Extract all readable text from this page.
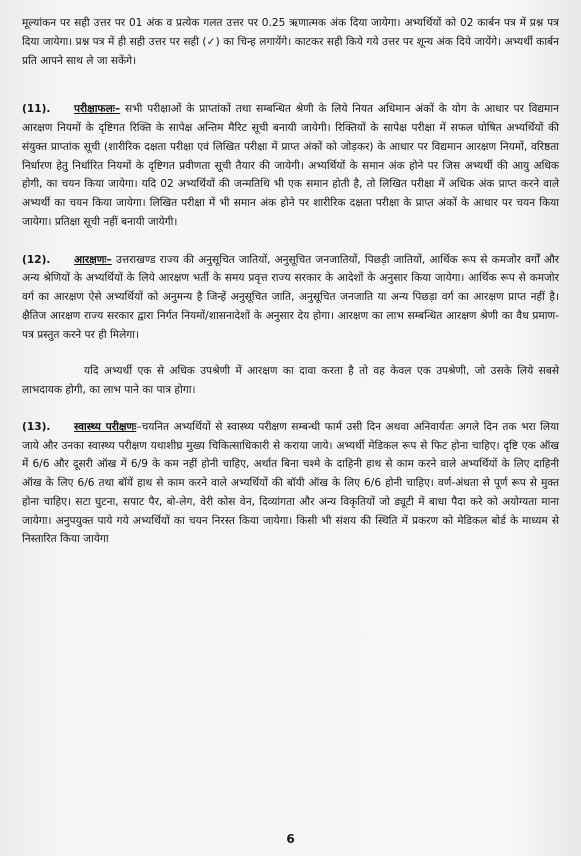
मूल्यांकन पर सही उत्तर पर 01 अंक व प्रत्येक गलत उत्तर पर 0.25 ऋणात्मक अंक दिया जायेगा। अभ्यर्थियों को 02 कार्बन पत्र में प्रश्न पत्र दिया जायेगा। प्रश्न पत्र में ही सही उत्तर पर सही (✓) का चिन्ह लगायेंगे। काटकर सही किये गये उत्तर पर शून्य अंक दिये जायेंगे। अभ्यर्थी कार्बन प्रति आपने साथ ले जा सकेंगे।

(11). परीक्षाफलः– सभी परीक्षाओं के प्राप्तांकों तथा सम्बन्धित श्रेणी के लिये नियत अधिमान अंकों के योग के आधार पर विद्यमान आरक्षण नियमों के दृष्टिगत रिक्ति के सापेक्ष अन्तिम मैरिट सूची बनायी जायेगी। रिक्तियों के सापेक्ष परीक्षा में सफल घोषित अभ्यर्थियों की संयुक्त प्राप्तांक सूची (शारीरिक दक्षता परीक्षा एवं लिखित परीक्षा में प्राप्त अंकों को जोड़कर) के आधार पर विद्यमान आरक्षण नियमों, वरिष्ठता निर्धारण हेतु निर्धारित नियमों के दृष्टिगत प्रवीणता सूची तैयार की जायेगी। अभ्यर्थियों के समान अंक होने पर जिस अभ्यर्थी की आयु अधिक होगी, का चयन किया जायेगा। यदि 02 अभ्यर्थियों की जन्मतिथि भी एक समान होती है, तो लिखित परीक्षा में अधिक अंक प्राप्त करने वाले अभ्यर्थी का चयन किया जायेगा। लिखित परीक्षा में भी समान अंक होने पर शारीरिक दक्षता परीक्षा के प्राप्त अंकों के आधार पर चयन किया जायेगा। प्रतिक्षा सूची नहीं बनायी जायेगी।

(12). आरक्षणः– उत्तराखण्ड राज्य की अनुसूचित जातियों, अनुसूचित जनजातियों, पिछड़ी जातियों, आर्थिक रूप से कमजोर वर्गों और अन्य श्रेणियों के अभ्यर्थियों के लिये आरक्षण भर्ती के समय प्रवृत्त राज्य सरकार के आदेशों के अनुसार किया जायेगा। आर्थिक रूप से कमजोर वर्ग का आरक्षण ऐसे अभ्यर्थियों को अनुमन्य है जिन्हें अनुसूचित जाति, अनुसूचित जनजाति या अन्य पिछड़ा वर्ग का आरक्षण प्राप्त नहीं है। क्षैतिज आरक्षण राज्य सरकार द्वारा निर्गत नियमों/शासनादेशों के अनुसार देय होगा। आरक्षण का लाभ सम्बन्धित आरक्षण श्रेणी का वैध प्रमाण-पत्र प्रस्तुत करने पर ही मिलेगा।

यदि अभ्यर्थी एक से अधिक उपश्रेणी में आरक्षण का दावा करता है तो वह केवल एक उपश्रेणी, जो उसके लिये सबसे लाभदायक होगी, का लाभ पाने का पात्र होगा।

(13). स्वास्थ्य परीक्षणः–चयनित अभ्यर्थियों से स्वास्थ्य परीक्षण सम्बन्धी फार्म उसी दिन अथवा अनिवार्यतः अगले दिन तक भरा लिया जाये और उनका स्वास्थ्य परीक्षण यथाशीघ्र मुख्य चिकित्साधिकारी से कराया जाये। अभ्यर्थी मेडिकल रूप से फिट होना चाहिए। दृष्टि एक ऑख में 6/6 और दूसरी ऑख में 6/9 के कम नहीं होनी चाहिए, अर्थात बिना चश्मे के दाहिनी हाथ से काम करने वाले अभ्यर्थियों के लिए दाहिनी ऑख के लिए 6/6 तथा बॉयें हाथ से काम करने वाले अभ्यर्थियों की बॉयी ऑख के लिए 6/6 होनी चाहिए। वर्ण-अंधता से पूर्ण रूप से मुक्त होना चाहिए। सटा घुटना, सपाट पैर, बो-लेग, वेरी कोस वेन, दिव्यांगता और अन्य विकृतियों जो ड्यूटी में बाधा पैदा करे को अयोग्यता माना जायेगा। अनुपयुक्त पाये गये अभ्यर्थियों का चयन निरस्त किया जायेगा। किसी भी संशय की स्थिति में प्रकरण को मेडिकल बोर्ड के माध्यम से निस्तारित किया जायेगा

6
